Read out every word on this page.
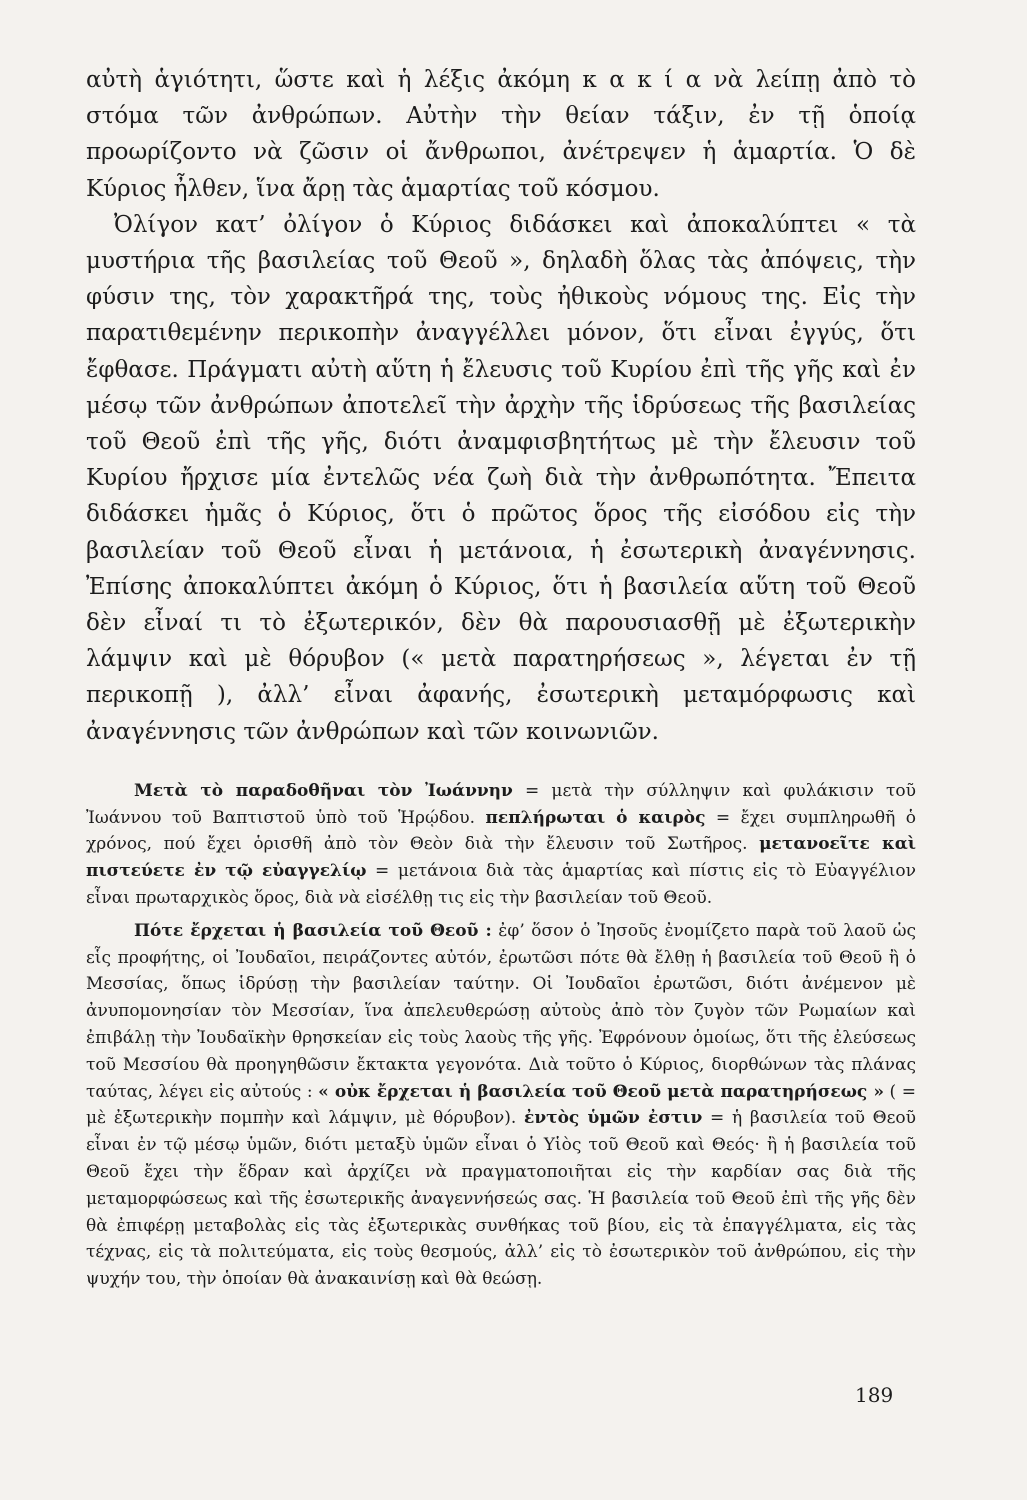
αὐτὴ ἁγιότητι, ὥστε καὶ ἡ λέξις ἀκόμη κ α κ ί α νὰ λείπῃ ἀπὸ τὸ στόμα τῶν ἀνθρώπων. Αὐτὴν τὴν θείαν τάξιν, ἐν τῇ ὁποίᾳ προωρίζοντο νὰ ζῶσιν οἱ ἄνθρωποι, ἀνέτρεψεν ἡ ἁμαρτία. Ὁ δὲ Κύριος ἦλθεν, ἵνα ἄρῃ τὰς ἁμαρτίας τοῦ κόσμου.

Ὀλίγον κατ’ ὀλίγον ὁ Κύριος διδάσκει καὶ ἀποκαλύπτει « τὰ μυστήρια τῆς βασιλείας τοῦ Θεοῦ », δηλαδὴ ὅλας τὰς ἀπόψεις, τὴν φύσιν της, τὸν χαρακτῆρά της, τοὺς ἠθικοὺς νόμους της. Εἰς τὴν παρατιθεμένην περικοπὴν ἀναγγέλλει μόνον, ὅτι εἶναι ἐγγύς, ὅτι ἔφθασε. Πράγματι αὐτὴ αὕτη ἡ ἔλευσις τοῦ Κυρίου ἐπὶ τῆς γῆς καὶ ἐν μέσῳ τῶν ἀνθρώπων ἀποτελεῖ τὴν ἀρχὴν τῆς ἱδρύσεως τῆς βασιλείας τοῦ Θεοῦ ἐπὶ τῆς γῆς, διότι ἀναμφισβητήτως μὲ τὴν ἔλευσιν τοῦ Κυρίου ἤρχισε μία ἐντελῶς νέα ζωὴ διὰ τὴν ἀνθρωπότητα. Ἔπειτα διδάσκει ἡμᾶς ὁ Κύριος, ὅτι ὁ πρῶτος ὅρος τῆς εἰσόδου εἰς τὴν βασιλείαν τοῦ Θεοῦ εἶναι ἡ μετάνοια, ἡ ἐσωτερικὴ ἀναγέννησις. Ἐπίσης ἀποκαλύπτει ἀκόμη ὁ Κύριος, ὅτι ἡ βασιλεία αὕτη τοῦ Θεοῦ δὲν εἶναί τι τὸ ἐξωτερικόν, δὲν θὰ παρουσιασθῇ μὲ ἐξωτερικὴν λάμψιν καὶ μὲ θόρυβον (« μετὰ παρατηρήσεως », λέγεται ἐν τῇ περικοπῇ ), ἀλλ’ εἶναι ἀφανής, ἐσωτερικὴ μεταμόρφωσις καὶ ἀναγέννησις τῶν ἀνθρώπων καὶ τῶν κοινωνιῶν.

Μετὰ τὸ παραδοθῆναι τὸν Ἰωάννην = μετὰ τὴν σύλληψιν καὶ φυλάκισιν τοῦ Ἰωάννου τοῦ Βαπτιστοῦ ὑπὸ τοῦ Ἡρῴδου. πεπλήρωται ὁ καιρὸς = ἔχει συμπληρωθῆ ὁ χρόνος, πού ἔχει ὁρισθῆ ἀπὸ τὸν Θεὸν διὰ τὴν ἔλευσιν τοῦ Σωτῆρος. μετανοεῖτε καὶ πιστεύετε ἐν τῷ εὐαγγελίῳ = μετάνοια διὰ τὰς ἁμαρτίας καὶ πίστις εἰς τὸ Εὐαγγέλιον εἶναι πρωταρχικὸς ὅρος, διὰ νὰ εἰσέλθῃ τις εἰς τὴν βασιλείαν τοῦ Θεοῦ.

Πότε ἔρχεται ἡ βασιλεία τοῦ Θεοῦ : ἐφ’ ὅσον ὁ Ἰησοῦς ἐνομίζετο παρὰ τοῦ λαοῦ ὡς εἷς προφήτης, οἱ Ἰουδαῖοι, πειράζοντες αὐτόν, ἐρωτῶσι πότε θὰ ἔλθῃ ἡ βασιλεία τοῦ Θεοῦ ἢ ὁ Μεσσίας, ὅπως ἱδρύσῃ τὴν βασιλείαν ταύτην. Οἱ Ἰουδαῖοι ἐρωτῶσι, διότι ἀνέμενον μὲ ἀνυπομονησίαν τὸν Μεσσίαν, ἵνα ἀπελευθερώσῃ αὐτοὺς ἀπὸ τὸν ζυγὸν τῶν Ρωμαίων καὶ ἐπιβάλῃ τὴν Ἰουδαϊκὴν θρησκείαν εἰς τοὺς λαοὺς τῆς γῆς. Ἐφρόνουν ὁμοίως, ὅτι τῆς ἐλεύσεως τοῦ Μεσσίου θὰ προηγηθῶσιν ἔκτακτα γεγονότα. Διὰ τοῦτο ὁ Κύριος, διορθώνων τὰς πλάνας ταύτας, λέγει εἰς αὐτούς : « οὐκ ἔρχεται ἡ βασιλεία τοῦ Θεοῦ μετὰ παρατηρήσεως » ( = μὲ ἐξωτερικὴν πομπὴν καὶ λάμψιν, μὲ θόρυβον). ἐντὸς ὑμῶν ἐστιν = ἡ βασιλεία τοῦ Θεοῦ εἶναι ἐν τῷ μέσῳ ὑμῶν, διότι μεταξὺ ὑμῶν εἶναι ὁ Υἱὸς τοῦ Θεοῦ καὶ Θεός· ἢ ἡ βασιλεία τοῦ Θεοῦ ἔχει τὴν ἕδραν καὶ ἀρχίζει νὰ πραγματοποιῆται εἰς τὴν καρδίαν σας διὰ τῆς μεταμορφώσεως καὶ τῆς ἐσωτερικῆς ἀναγεννήσεώς σας. Ἡ βασιλεία τοῦ Θεοῦ ἐπὶ τῆς γῆς δὲν θὰ ἐπιφέρῃ μεταβολὰς εἰς τὰς ἐξωτερικὰς συνθήκας τοῦ βίου, εἰς τὰ ἐπαγγέλματα, εἰς τὰς τέχνας, εἰς τὰ πολιτεύματα, εἰς τοὺς θεσμούς, ἀλλ’ εἰς τὸ ἐσωτερικὸν τοῦ ἀνθρώπου, εἰς τὴν ψυχήν του, τὴν ὁποίαν θὰ ἀνακαινίσῃ καὶ θὰ θεώσῃ.

189
